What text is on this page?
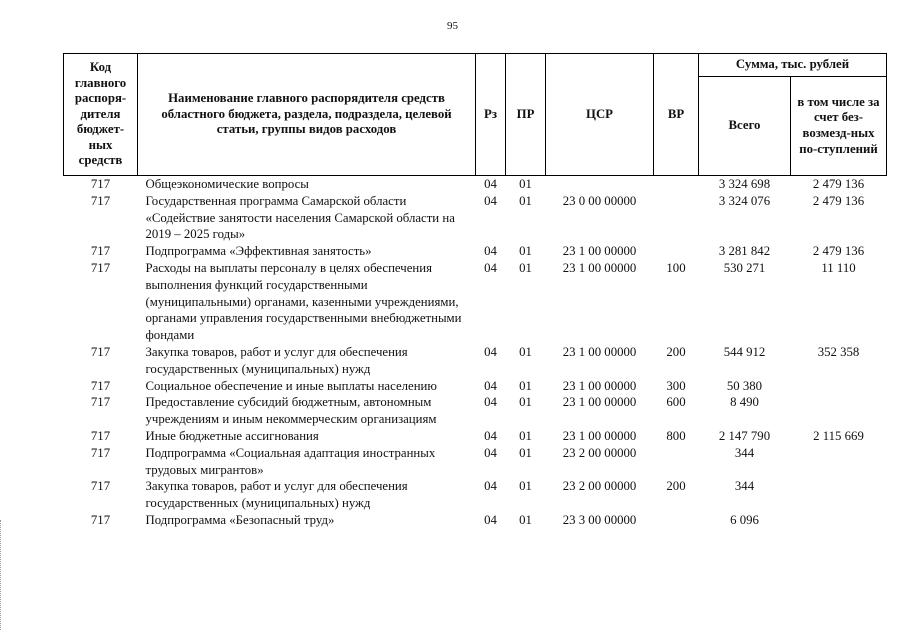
95
Код главного распоря-дителя бюджет-ных средств	Наименование главного распорядителя средств областного бюджета, раздела, подраздела, целевой статьи, группы видов расходов	Рз	ПР	ЦСР	ВР	Сумма, тыс. рублей	
						Всего	в том числе за счет без-возмезд-ных по-ступлений
717	Общеэкономические вопросы	04	01			3 324 698	2 479 136
717	Государственная программа Самарской области «Содействие занятости населения Самарской области на 2019 – 2025 годы»	04	01	23 0 00 00000		3 324 076	2 479 136
717	Подпрограмма «Эффективная занятость»	04	01	23 1 00 00000		3 281 842	2 479 136
717	Расходы на выплаты персоналу в целях обеспечения выполнения функций государственными (муниципальными) органами, казенными учреждениями, органами управления государственными внебюджетными фондами	04	01	23 1 00 00000	100	530 271	11 110
717	Закупка товаров, работ и услуг для обеспечения государственных (муниципальных) нужд	04	01	23 1 00 00000	200	544 912	352 358
717	Социальное обеспечение и иные выплаты населению	04	01	23 1 00 00000	300	50 380	
717	Предоставление субсидий бюджетным, автономным учреждениям и иным некоммерческим организациям	04	01	23 1 00 00000	600	8 490	
717	Иные бюджетные ассигнования	04	01	23 1 00 00000	800	2 147 790	2 115 669
717	Подпрограмма «Социальная адаптация иностранных трудовых мигрантов»	04	01	23 2 00 00000		344	
717	Закупка товаров, работ и услуг для обеспечения государственных (муниципальных) нужд	04	01	23 2 00 00000	200	344	
717	Подпрограмма «Безопасный труд»	04	01	23 3 00 00000		6 096	
